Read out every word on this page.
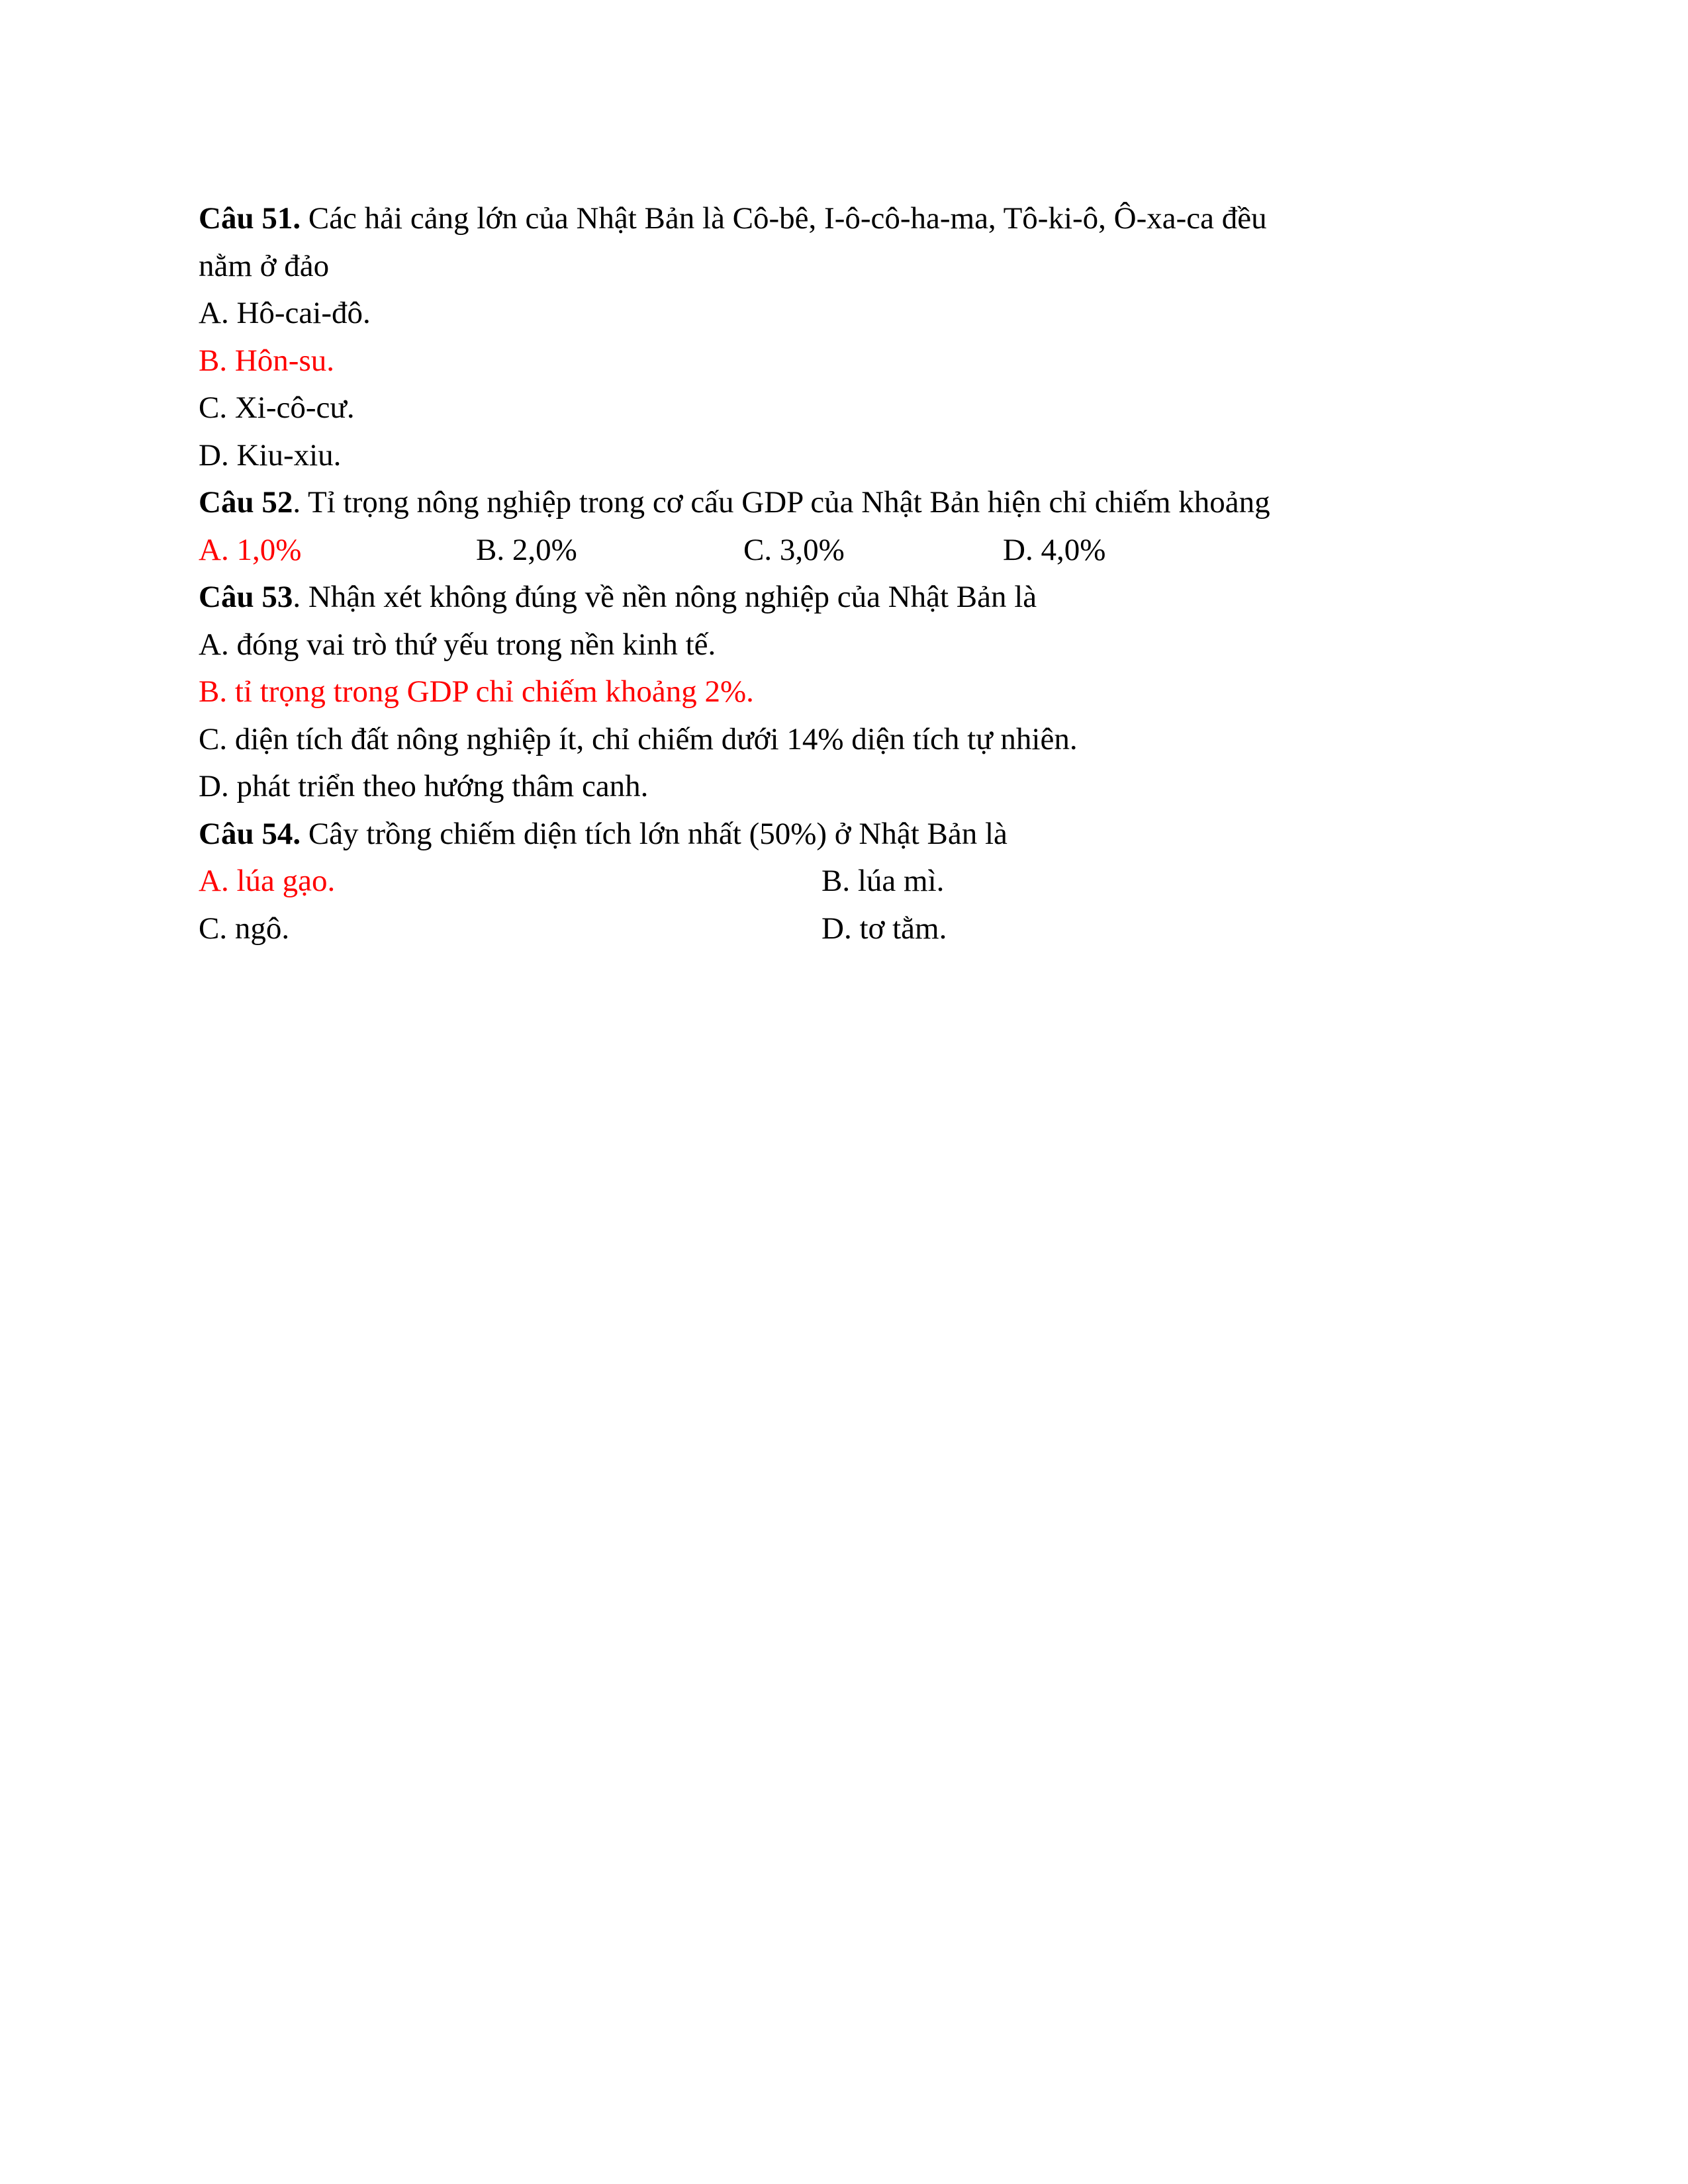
Câu 51. Các hải cảng lớn của Nhật Bản là Cô-bê, I-ô-cô-ha-ma, Tô-ki-ô, Ô-xa-ca đều
nằm ở đảo
A. Hô-cai-đô.
B. Hôn-su.
C. Xi-cô-cư.
D. Kiu-xiu.
Câu 52. Tỉ trọng nông nghiệp trong cơ cấu GDP của Nhật Bản hiện chỉ chiếm khoảng
A. 1,0%	B. 2,0%	C. 3,0%	D. 4,0%
Câu 53. Nhận xét không đúng về nền nông nghiệp của Nhật Bản là
A. đóng vai trò thứ yếu trong nền kinh tế.
B. tỉ trọng trong GDP chỉ chiếm khoảng 2%.
C. diện tích đất nông nghiệp ít, chỉ chiếm dưới 14% diện tích tự nhiên.
D. phát triển theo hướng thâm canh.
Câu 54. Cây trồng chiếm diện tích lớn nhất (50%) ở Nhật Bản là
A. lúa gạo.	B. lúa mì.
C. ngô.	D. tơ tằm.
